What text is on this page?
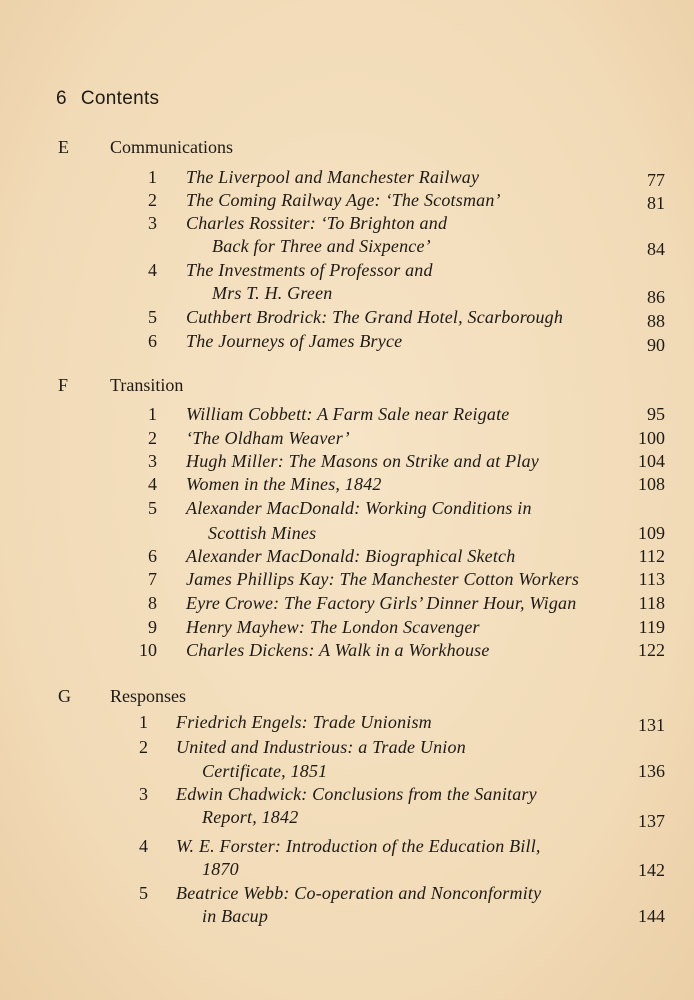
6 Contents
E Communications
1 The Liverpool and Manchester Railway	77
2 The Coming Railway Age: ‘The Scotsman’	81
3 Charles Rossiter: ‘To Brighton and
Back for Three and Sixpence’	84
4 The Investments of Professor and
Mrs T. H. Green	86
5 Cuthbert Brodrick: The Grand Hotel, Scarborough	88
6 The Journeys of James Bryce	90
F Transition
1 William Cobbett: A Farm Sale near Reigate	95
2 ‘The Oldham Weaver’	100
3 Hugh Miller: The Masons on Strike and at Play	104
4 Women in the Mines, 1842	108
5 Alexander MacDonald: Working Conditions in
Scottish Mines	109
6 Alexander MacDonald: Biographical Sketch	112
7 James Phillips Kay: The Manchester Cotton Workers	113
8 Eyre Crowe: The Factory Girls’ Dinner Hour, Wigan	118
9 Henry Mayhew: The London Scavenger	119
10 Charles Dickens: A Walk in a Workhouse	122
G Responses
1 Friedrich Engels: Trade Unionism	131
2 United and Industrious: a Trade Union
Certificate, 1851	136
3 Edwin Chadwick: Conclusions from the Sanitary
Report, 1842	137
4 W. E. Forster: Introduction of the Education Bill,
1870	142
5 Beatrice Webb: Co-operation and Nonconformity
in Bacup	144
